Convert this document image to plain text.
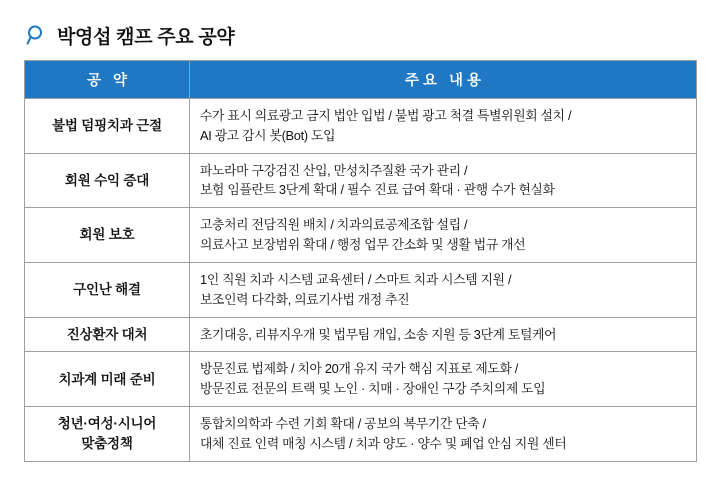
박영섭 캠프 주요 공약
공 약	주요 내용

불법 덤핑치과 근절	수가 표시 의료광고 금지 법안 입법 / 불법 광고 척결 특별위원회 설치 /
AI 광고 감시 봇(Bot) 도입

회원 수익 증대	파노라마 구강검진 산입, 만성치주질환 국가 관리 /
보험 임플란트 3단계 확대 / 필수 진료 급여 확대 · 관행 수가 현실화

회원 보호	고충처리 전담직원 배치 / 치과의료공제조합 설립 /
의료사고 보장범위 확대 / 행정 업무 간소화 및 생활 법규 개선

구인난 해결	1인 직원 치과 시스템 교육센터 / 스마트 치과 시스템 지원 /
보조인력 다각화, 의료기사법 개정 추진

진상환자 대처	초기대응, 리뷰지우개 및 법무팀 개입, 소송 지원 등 3단계 토털케어

치과계 미래 준비	방문진료 법제화 / 치아 20개 유지 국가 핵심 지표로 제도화 /
방문진료 전문의 트랙 및 노인 · 치매 · 장애인 구강 주치의제 도입

청년·여성·시니어
맞춤정책	통합치의학과 수련 기회 확대 / 공보의 복무기간 단축 /
대체 진료 인력 매칭 시스템 / 치과 양도 · 양수 및 폐업 안심 지원 센터
